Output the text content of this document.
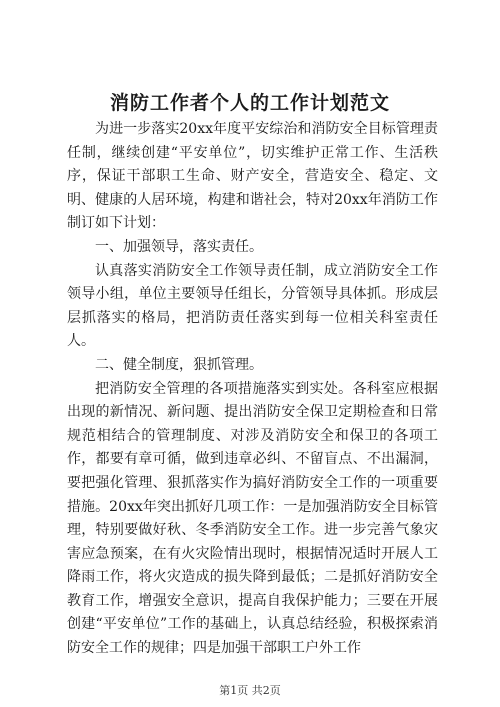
消防工作者个人的工作计划范文

为进一步落实20xx年度平安综治和消防安全目标管理责任制，继续创建“平安单位”，切实维护正常工作、生活秩序，保证干部职工生命、财产安全，营造安全、稳定、文明、健康的人居环境，构建和谐社会，特对20xx年消防工作制订如下计划：

一、加强领导，落实责任。

认真落实消防安全工作领导责任制，成立消防安全工作领导小组，单位主要领导任组长，分管领导具体抓。形成层层抓落实的格局，把消防责任落实到每一位相关科室责任人。

二、健全制度，狠抓管理。

把消防安全管理的各项措施落实到实处。各科室应根据出现的新情况、新问题、提出消防安全保卫定期检查和日常规范相结合的管理制度、对涉及消防安全和保卫的各项工作，都要有章可循，做到违章必纠、不留盲点、不出漏洞，要把强化管理、狠抓落实作为搞好消防安全工作的一项重要措施。20xx年突出抓好几项工作：一是加强消防安全目标管理，特别要做好秋、冬季消防安全工作。进一步完善气象灾害应急预案，在有火灾险情出现时，根据情况适时开展人工降雨工作，将火灾造成的损失降到最低；二是抓好消防安全教育工作，增强安全意识，提高自我保护能力；三要在开展创建“平安单位”工作的基础上，认真总结经验，积极探索消防安全工作的规律；四是加强干部职工户外工作

第1页 共2页
